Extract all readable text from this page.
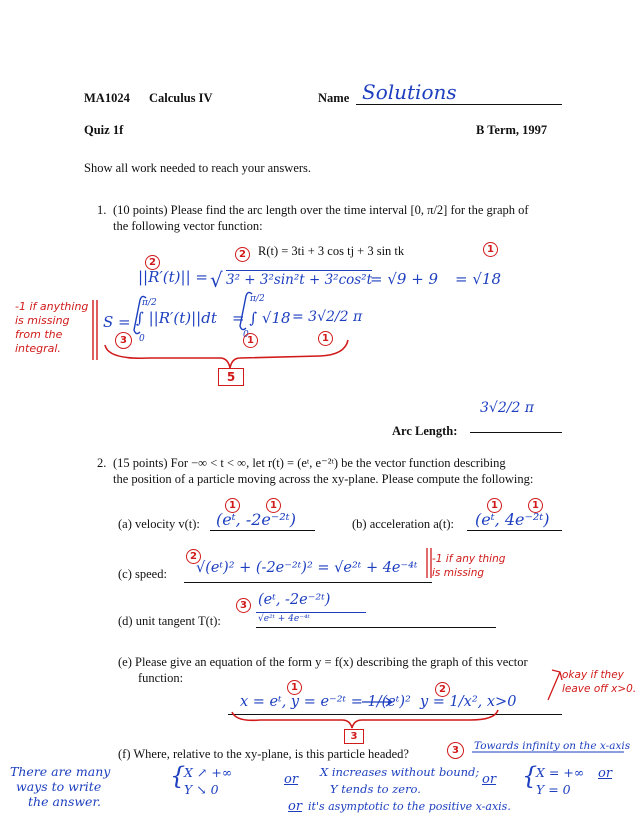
MA1024 Calculus IV	Name Solutions
Quiz 1f	B Term, 1997
Show all work needed to reach your answers.
1. (10 points) Please find the arc length over the time interval [0, π/2] for the graph of
the following vector function:
R(t) = 3ti + 3 cos tj + 3 sin tk
2
2	1
||R′(t)|| = √ 3² + 3²sin²t + 3²cos²t
= √9 + 9 = √18
-1 if anything
is missing
from the
integral.
S =
π/2
0
∫ ||R′(t)||dt = ∫ √18
π/2
0
= 3√2/2 π
3	1	1
5
Arc Length:
3√2/2 π
2. (15 points) For −∞ < t < ∞, let r(t) = (eᵗ, e⁻²ᵗ) be the vector function describing
the position of a particle moving across the xy-plane. Please compute the following:
(a) velocity v(t):
1	1
(eᵗ, -2e⁻²ᵗ)	(b) acceleration a(t):
1	1
(eᵗ, 4e⁻²ᵗ)
(c) speed:
2
√(eᵗ)² + (-2e⁻²ᵗ)² = √e²ᵗ + 4e⁻⁴ᵗ
-1 if any thing
is missing
(d) unit tangent T(t):
3 (eᵗ, -2e⁻²ᵗ)
√e²ᵗ + 4e⁻⁴ᵗ
(e) Please give an equation of the form y = f(x) describing the graph of this vector
function:	okay if they
leave off x>0.
1	2
x = eᵗ, y = e⁻²ᵗ = 1/(eᵗ)² y = 1/x², x>0
3
(f) Where, relative to the xy-plane, is this particle headed?	3	Towards infinity on the x-axis
There are many
ways to write
the answer.
{
X ↗ +∞
Y ↘ 0
or X increases without bound;
Y tends to zero.
or {
X = +∞
Y = 0
or
or it's asymptotic to the positive x-axis.
